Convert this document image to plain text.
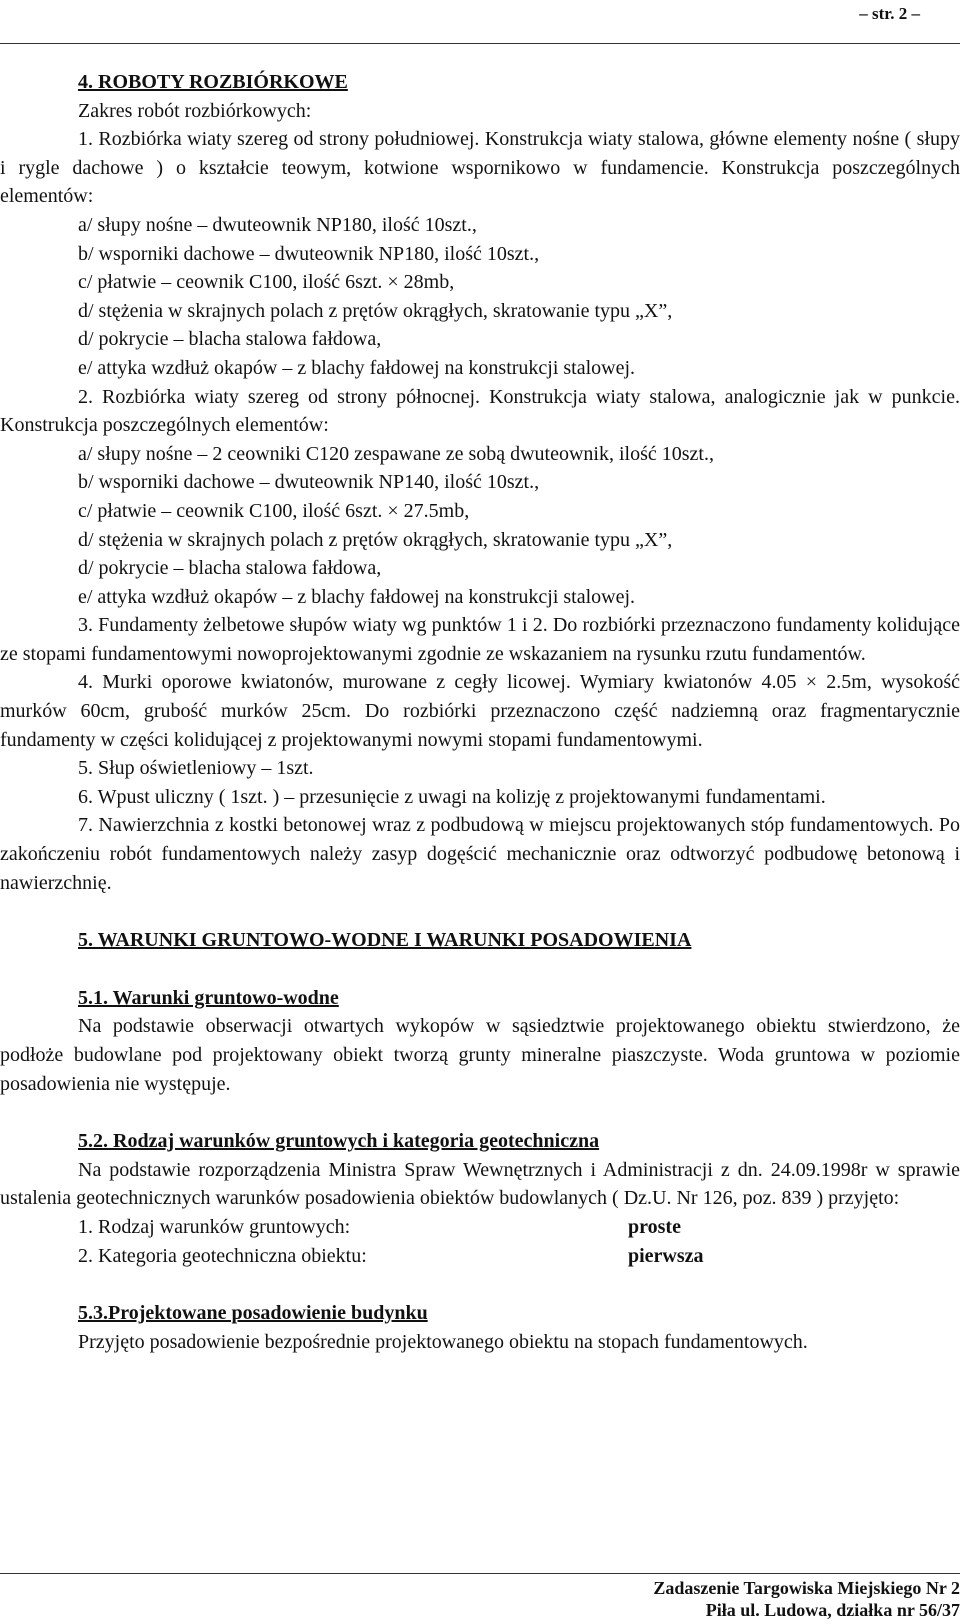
– str. 2 –
4. ROBOTY ROZBIÓRKOWE

Zakres robót rozbiórkowych:

1. Rozbiórka wiaty szereg od strony południowej. Konstrukcja wiaty stalowa, główne elementy nośne ( słupy i rygle dachowe ) o kształcie teowym, kotwione wspornikowo w fundamencie. Konstrukcja poszczególnych elementów:

a/ słupy nośne – dwuteownik NP180, ilość 10szt.,

b/ wsporniki dachowe – dwuteownik NP180, ilość 10szt.,

c/ płatwie – ceownik C100, ilość 6szt. × 28mb,

d/ stężenia w skrajnych polach z prętów okrągłych, skratowanie typu „X”,

d/ pokrycie – blacha stalowa fałdowa,

e/ attyka wzdłuż okapów – z blachy fałdowej na konstrukcji stalowej.

2. Rozbiórka wiaty szereg od strony północnej. Konstrukcja wiaty stalowa, analogicznie jak w punkcie. Konstrukcja poszczególnych elementów:

a/ słupy nośne – 2 ceowniki C120 zespawane ze sobą dwuteownik, ilość 10szt.,

b/ wsporniki dachowe – dwuteownik NP140, ilość 10szt.,

c/ płatwie – ceownik C100, ilość 6szt. × 27.5mb,

d/ stężenia w skrajnych polach z prętów okrągłych, skratowanie typu „X”,

d/ pokrycie – blacha stalowa fałdowa,

e/ attyka wzdłuż okapów – z blachy fałdowej na konstrukcji stalowej.

3. Fundamenty żelbetowe słupów wiaty wg punktów 1 i 2. Do rozbiórki przeznaczono fundamenty kolidujące ze stopami fundamentowymi nowoprojektowanymi zgodnie ze wskazaniem na rysunku rzutu fundamentów.

4. Murki oporowe kwiatonów, murowane z cegły licowej. Wymiary kwiatonów 4.05 × 2.5m, wysokość murków 60cm, grubość murków 25cm. Do rozbiórki przeznaczono część nadziemną oraz fragmentarycznie fundamenty w części kolidującej z projektowanymi nowymi stopami fundamentowymi.

5. Słup oświetleniowy – 1szt.

6. Wpust uliczny ( 1szt. ) – przesunięcie z uwagi na kolizję z projektowanymi fundamentami.

7. Nawierzchnia z kostki betonowej wraz z podbudową w miejscu projektowanych stóp fundamentowych. Po zakończeniu robót fundamentowych należy zasyp dogęścić mechanicznie oraz odtworzyć podbudowę betonową i nawierzchnię.

5. WARUNKI GRUNTOWO-WODNE I WARUNKI POSADOWIENIA
5.1. Warunki gruntowo-wodne

Na podstawie obserwacji otwartych wykopów w sąsiedztwie projektowanego obiektu stwierdzono, że podłoże budowlane pod projektowany obiekt tworzą grunty mineralne piaszczyste. Woda gruntowa w poziomie posadowienia nie występuje.

5.2. Rodzaj warunków gruntowych i kategoria geotechniczna

Na podstawie rozporządzenia Ministra Spraw Wewnętrznych i Administracji z dn. 24.09.1998r w sprawie ustalenia geotechnicznych warunków posadowienia obiektów budowlanych ( Dz.U. Nr 126, poz. 839 ) przyjęto:

1. Rodzaj warunków gruntowych:	proste
2. Kategoria geotechniczna obiektu:	pierwsza
5.3.Projektowane posadowienie budynku

Przyjęto posadowienie bezpośrednie projektowanego obiektu na stopach fundamentowych.

Zadaszenie Targowiska Miejskiego Nr 2
Piła ul. Ludowa, działka nr 56/37
